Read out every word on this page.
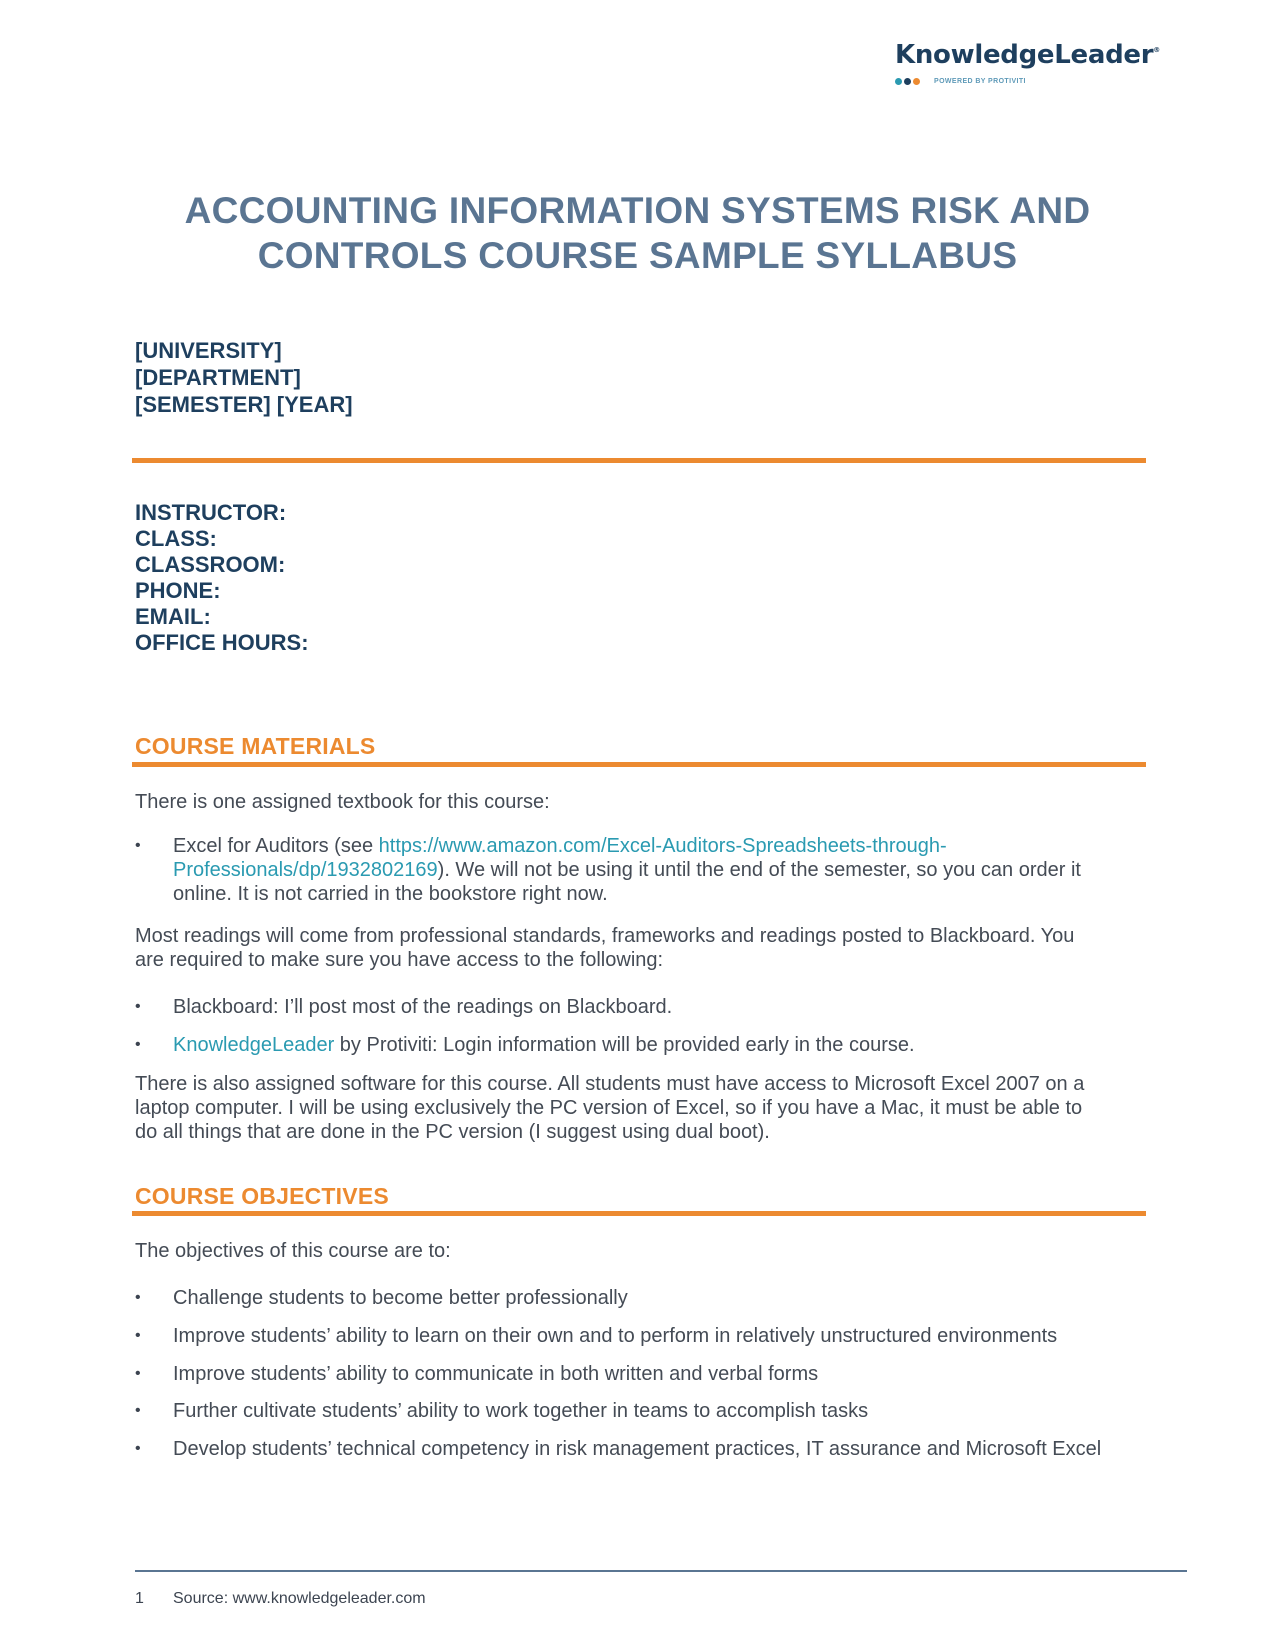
KnowledgeLeader®
POWERED BY PROTIVITI
ACCOUNTING INFORMATION SYSTEMS RISK AND
CONTROLS COURSE SAMPLE SYLLABUS
[UNIVERSITY]
[DEPARTMENT]
[SEMESTER] [YEAR]
INSTRUCTOR:
CLASS:
CLASSROOM:
PHONE:
EMAIL:
OFFICE HOURS:
COURSE MATERIALS
There is one assigned textbook for this course:
• Excel for Auditors (see https://www.amazon.com/Excel-Auditors-Spreadsheets-through-
Professionals/dp/1932802169). We will not be using it until the end of the semester, so you can order it
online. It is not carried in the bookstore right now.
Most readings will come from professional standards, frameworks and readings posted to Blackboard. You
are required to make sure you have access to the following:
• Blackboard: I’ll post most of the readings on Blackboard.
• KnowledgeLeader by Protiviti: Login information will be provided early in the course.
There is also assigned software for this course. All students must have access to Microsoft Excel 2007 on a
laptop computer. I will be using exclusively the PC version of Excel, so if you have a Mac, it must be able to
do all things that are done in the PC version (I suggest using dual boot).
COURSE OBJECTIVES
The objectives of this course are to:
• Challenge students to become better professionally
• Improve students’ ability to learn on their own and to perform in relatively unstructured environments
• Improve students’ ability to communicate in both written and verbal forms
• Further cultivate students’ ability to work together in teams to accomplish tasks
• Develop students’ technical competency in risk management practices, IT assurance and Microsoft Excel
1 Source: www.knowledgeleader.com
